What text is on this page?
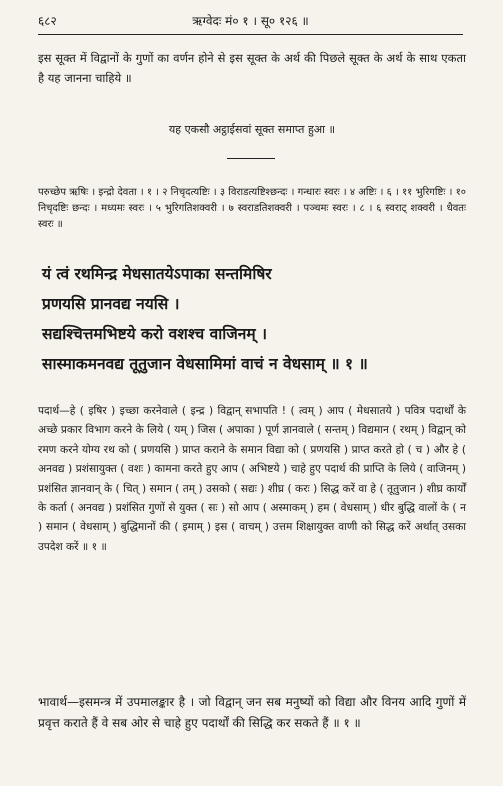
६८२	ऋग्वेदः मं० १ । सू० १२६ ॥
इस सूक्त में विद्वानों के गुणों का वर्णन होने से इस सूक्त के अर्थ की पिछले सूक्त के अर्थ के साथ एकता है यह जानना चाहिये ॥
यह एकसौ अट्ठाईसवां सूक्त समाप्त हुआ ॥
परुच्छेप ऋषिः । इन्द्रो देवता । १ । २ निचृदत्यष्टिः । ३ विराडत्यष्टिश्छन्दः । गन्धारः स्वरः । ४ अष्टिः । ६ । ११ भुरिगष्टिः । १० निचृदष्टिः छन्दः । मध्यमः स्वरः । ५ भुरिगतिशक्वरी । ७ स्वराडतिशक्वरी । पञ्चमः स्वरः । ८ । ६ स्वराट् शक्वरी । धैवतः स्वरः ॥
यं त्वं रथमिन्द्र मेधसातयेऽपाका सन्तमिषिर
प्रणयसि प्रानवद्य नयसि ।
सद्यश्चित्तमभिष्टये करो वशश्च वाजिनम् ।
सास्माकमनवद्य तूतुजान वेधसामिमां वाचं न वेधसाम् ॥ १ ॥
पदार्थ—हे ( इषिर ) इच्छा करनेवाले ( इन्द्र ) विद्वान् सभापति ! ( त्वम् ) आप ( मेधसातये ) पवित्र पदार्थों के अच्छे प्रकार विभाग करने के लिये ( यम् ) जिस ( अपाका ) पूर्ण ज्ञानवाले ( सन्तम् ) विद्यमान ( रथम् ) विद्वान् को रमण करने योग्य रथ को ( प्रणयसि ) प्राप्त कराने के समान विद्या को ( प्रणयसि ) प्राप्त करते हो ( च ) और हे ( अनवद्य ) प्रशंसायुक्त ( वशः ) कामना करते हुए आप ( अभिष्टये ) चाहे हुए पदार्थ की प्राप्ति के लिये ( वाजिनम् ) प्रशंसित ज्ञानवान् के ( चित् ) समान ( तम् ) उसको ( सद्यः ) शीघ्र ( करः ) सिद्ध करें वा हे ( तूतुजान ) शीघ्र कार्यों के कर्ता ( अनवद्य ) प्रशंसित गुणों से युक्त ( सः ) सो आप ( अस्माकम् ) हम ( वेधसाम् ) धीर बुद्धि वालों के ( न ) समान ( वेधसाम् ) बुद्धिमानों की ( इमाम् ) इस ( वाचम् ) उत्तम शिक्षायुक्त वाणी को सिद्ध करें अर्थात् उसका उपदेश करें ॥ १ ॥
भावार्थ—इसमन्त्र में उपमालङ्कार है । जो विद्वान् जन सब मनुष्यों को विद्या और विनय आदि गुणों में प्रवृत्त कराते हैं वे सब ओर से चाहे हुए पदार्थों की सिद्धि कर सकते हैं ॥ १ ॥
